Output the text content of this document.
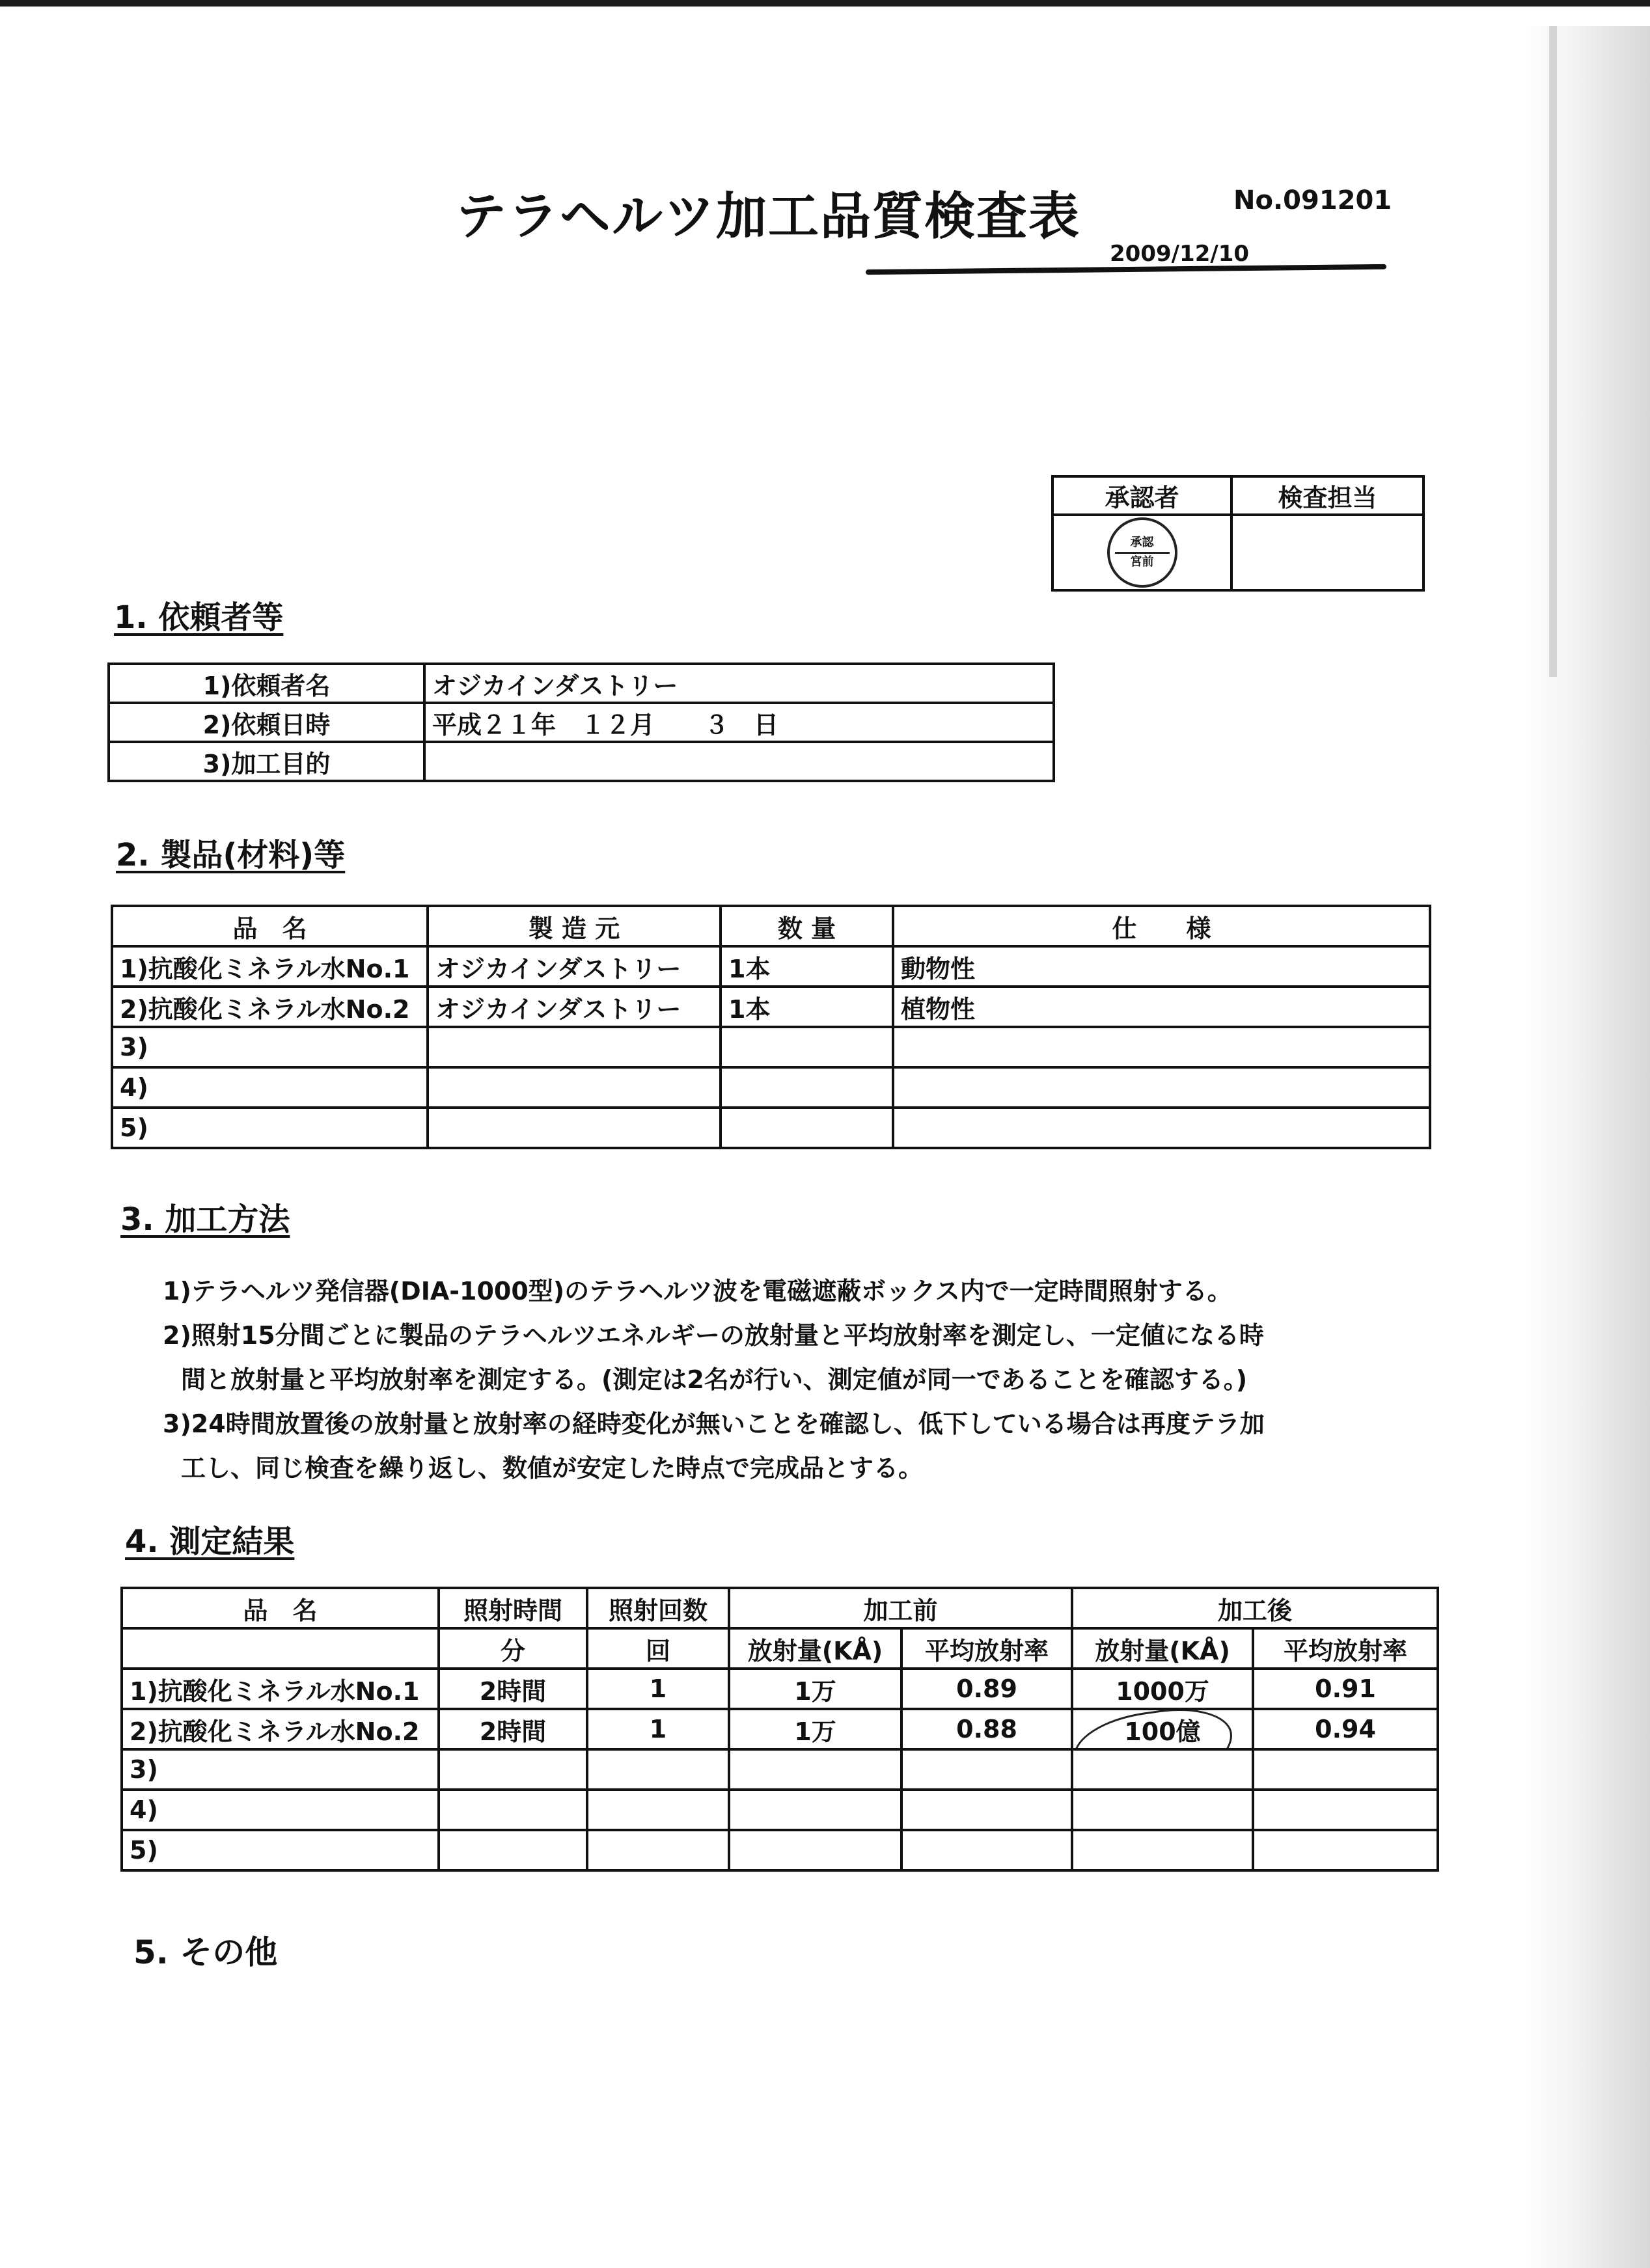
テラヘルツ加工品質検査表	No.091201
2009/12/10
承認者	検査担当

承認
宮前	

1. 依頼者等
1)依頼者名	オジカインダストリー
2)依頼日時	平成２１年　１２月　　３　日
3)加工目的	
2. 製品(材料)等
品　名	製 造 元	数 量	仕　　様
1)抗酸化ミネラル水No.1	オジカインダストリー	1本	動物性
2)抗酸化ミネラル水No.2	オジカインダストリー	1本	植物性
3)			
4)			
5)			
3. 加工方法
1)テラヘルツ発信器(DIA-1000型)のテラヘルツ波を電磁遮蔽ボックス内で一定時間照射する。
2)照射15分間ごとに製品のテラヘルツエネルギーの放射量と平均放射率を測定し、一定値になる時
間と放射量と平均放射率を測定する。(測定は2名が行い、測定値が同一であることを確認する。)
3)24時間放置後の放射量と放射率の経時変化が無いことを確認し、低下している場合は再度テラ加
工し、同じ検査を繰り返し、数値が安定した時点で完成品とする。
4. 測定結果
品　名	照射時間	照射回数	加工前		加工後	
	分	回	放射量(KÅ)	平均放射率	放射量(KÅ)	平均放射率
1)抗酸化ミネラル水No.1	2時間	1	1万	0.89	1000万	0.91
2)抗酸化ミネラル水No.2	2時間	1	1万	0.88	100億	0.94
3)						
4)						
5)						
5. その他
